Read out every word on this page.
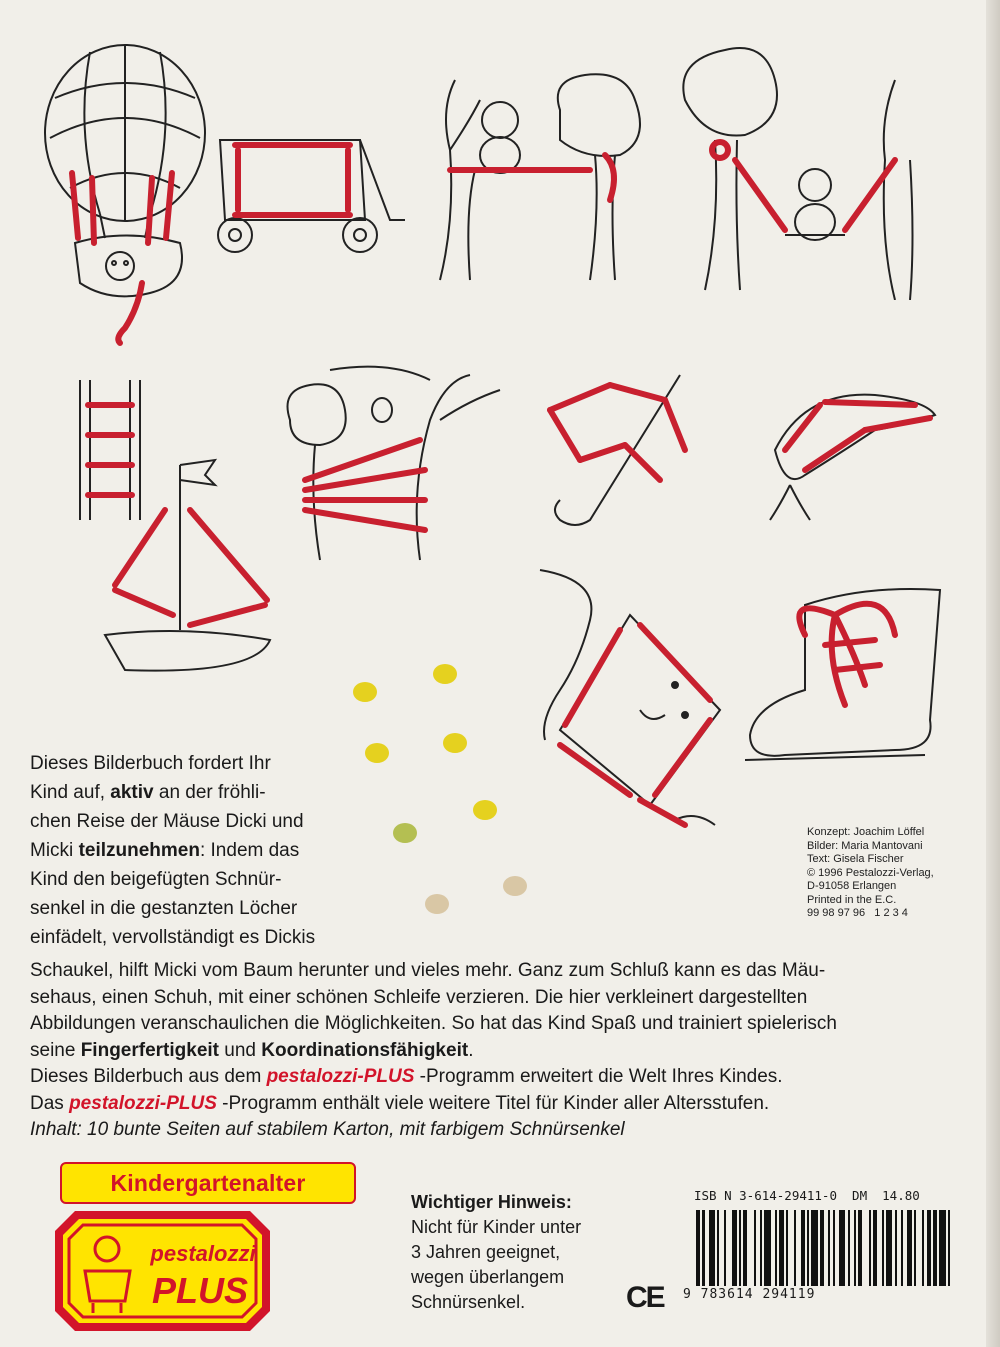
Konzept: Joachim Löffel
Bilder: Maria Mantovani
Text: Gisela Fischer
© 1996 Pestalozzi-Verlag,
D-91058 Erlangen
Printed in the E.C.
99 98 97 96   1 2 3 4
Dieses Bilderbuch fordert Ihr
Kind auf, aktiv an der fröhli-
chen Reise der Mäuse Dicki und
Micki teilzunehmen: Indem das
Kind den beigefügten Schnür-
senkel in die gestanzten Löcher
einfädelt, vervollständigt es Dickis
Schaukel, hilft Micki vom Baum herunter und vieles mehr. Ganz zum Schluß kann es das Mäu-
sehaus, einen Schuh, mit einer schönen Schleife verzieren. Die hier verkleinert dargestellten
Abbildungen veranschaulichen die Möglichkeiten. So hat das Kind Spaß und trainiert spielerisch
seine Fingerfertigkeit und Koordinationsfähigkeit.
Dieses Bilderbuch aus dem pestalozzi-PLUS -Programm erweitert die Welt Ihres Kindes.
Das pestalozzi-PLUS -Programm enthält viele weitere Titel für Kinder aller Altersstufen.
Inhalt: 10 bunte Seiten auf stabilem Karton, mit farbigem Schnürsenkel
Kindergartenalter
pestalozzi
PLUS
Wichtiger Hinweis:
Nicht für Kinder unter
3 Jahren geeignet,
wegen überlangem
Schnürsenkel.	CE
ISB N 3-614-29411-0  DM  14.80
9 783614 294119
